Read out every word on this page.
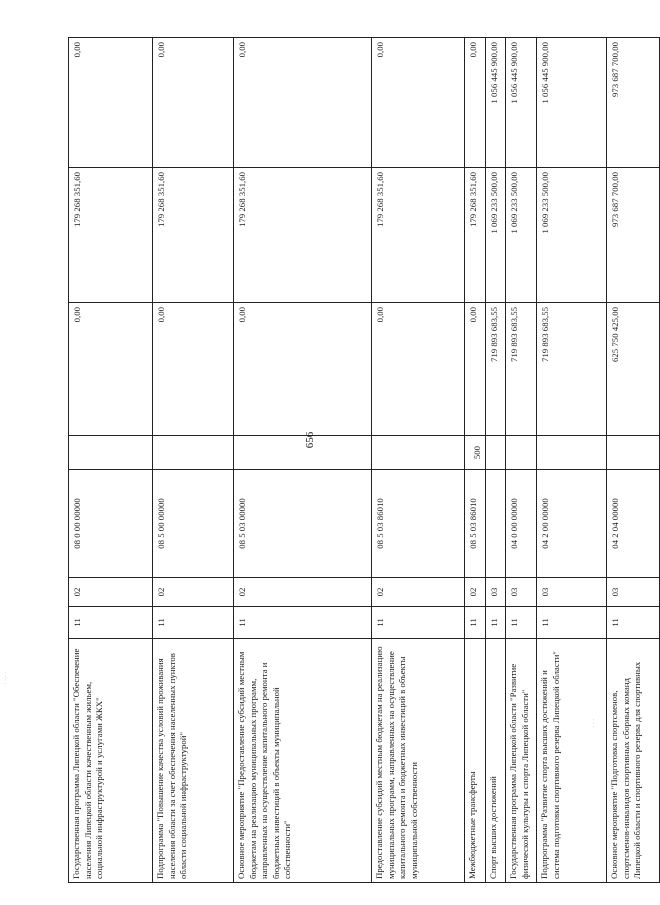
656
Государственная программа Липецкой области "Обеспечение населения Липецкой области качественным жильем, социальной инфраструктурой и услугами ЖКХ"	11	02	08 0 00 00000		0,00	179 268 351,60	0,00
Подпрограмма "Повышение качества условий проживания населения области за счет обеспечения населенных пунктов области социальной инфраструктурой"	11	02	08 5 00 00000		0,00	179 268 351,60	0,00
Основное мероприятие "Предоставление субсидий местным бюджетам на реализацию муниципальных программ, направленных на осуществление капитального ремонта и бюджетных инвестиций в объекты муниципальной собственности"	11	02	08 5 03 00000		0,00	179 268 351,60	0,00
Предоставление субсидий местным бюджетам на реализацию муниципальных программ, направленных на осуществление капитального ремонта и бюджетных инвестиций в объекты муниципальной собственности	11	02	08 5 03 86010		0,00	179 268 351,60	0,00
Межбюджетные трансферты	11	02	08 5 03 86010	500	0,00	179 268 351,60	0,00
Спорт высших достижений	11	03			719 893 683,55	1 069 233 500,00	1 056 445 900,00
Государственная программа Липецкой области "Развитие физической культуры и спорта Липецкой области"	11	03	04 0 00 00000		719 893 683,55	1 069 233 500,00	1 056 445 900,00
Подпрограмма "Развитие спорта высших достижений и система подготовки спортивного резерва Липецкой области"	11	03	04 2 00 00000		719 893 683,55	1 069 233 500,00	1 056 445 900,00
Основное мероприятие "Подготовка спортсменов, спортсменов-инвалидов спортивных сборных команд Липецкой области и спортивного резерва для спортивных	11	03	04 2 04 00000		625 750 425,00	973 687 700,00	973 687 700,00
· ·:· ·
· · ·
